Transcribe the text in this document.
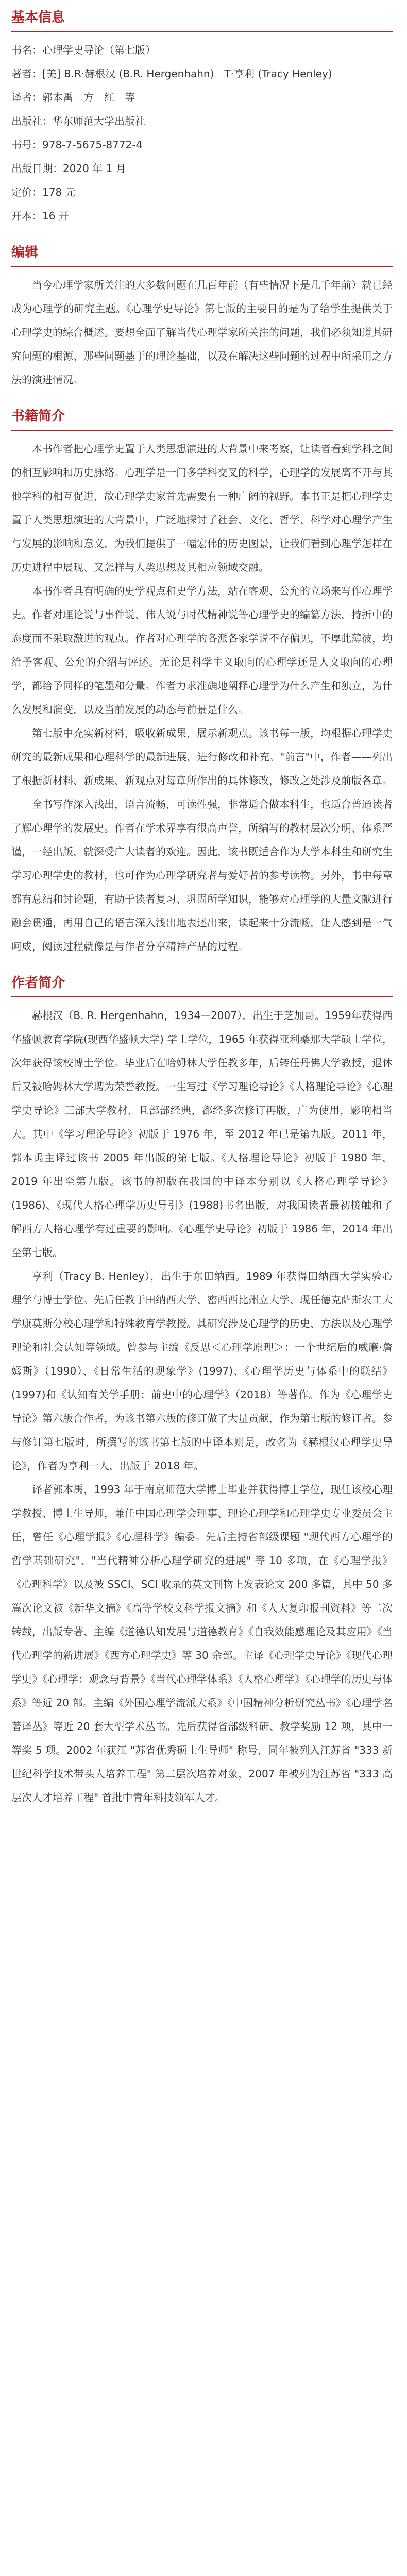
基本信息

书名：心理学史导论（第七版）

著者：[美] B.R·赫根汉 (B.R. Hergenhahn)　T·亨利 (Tracy Henley)

译者：郭本禹　方　红　等

出版社：华东师范大学出版社

书号：978-7-5675-8772-4

出版日期：2020 年 1 月

定价：178 元

开本：16 开

编辑

当今心理学家所关注的大多数问题在几百年前（有些情况下是几千年前）就已经成为心理学的研究主题。《心理学史导论》第七版的主要目的是为了给学生提供关于心理学史的综合概述。要想全面了解当代心理学家所关注的问题，我们必须知道其研究问题的根源、那些问题基于的理论基础，以及在解决这些问题的过程中所采用之方法的演进情况。

书籍简介

本书作者把心理学史置于人类思想演进的大背景中来考察，让读者看到学科之间的相互影响和历史脉络。心理学是一门多学科交叉的科学，心理学的发展离不开与其他学科的相互促进，故心理学史家首先需要有一种广阔的视野。本书正是把心理学史置于人类思想演进的大背景中，广泛地探讨了社会、文化、哲学、科学对心理学产生与发展的影响和意义，为我们提供了一幅宏伟的历史图景，让我们看到心理学怎样在历史进程中展现、又怎样与人类思想及其相应领域交融。

本书作者具有明确的史学观点和史学方法，站在客观、公允的立场来写作心理学史。作者对理论说与事件说、伟人说与时代精神说等心理学史的编纂方法，持折中的态度而不采取激进的观点。作者对心理学的各派各家学说不存偏见，不厚此薄彼，均给予客观、公允的介绍与评述。无论是科学主义取向的心理学还是人文取向的心理学，都给予同样的笔墨和分量。作者力求准确地阐释心理学为什么产生和独立，为什么发展和演变，以及当前发展的动态与前景是什么。

第七版中充实新材料，吸收新成果，展示新观点。该书每一版，均根据心理学史研究的最新成果和心理科学的最新进展，进行修改和补充。"前言"中，作者——列出了根据新材料、新成果、新观点对每章所作出的具体修改，修改之处涉及前版各章。

全书写作深入浅出，语言流畅，可读性强，非常适合做本科生，也适合普通读者了解心理学的发展史。作者在学术界享有很高声誉，所编写的教材层次分明、体系严谨，一经出版，就深受广大读者的欢迎。因此，该书既适合作为大学本科生和研究生学习心理学史的教材，也可作为心理学研究者与爱好者的参考读物。另外，书中每章都有总结和讨论题，有助于读者复习、巩固所学知识，能够对心理学的大量文献进行融会贯通，再用自己的语言深入浅出地表述出来，读起来十分流畅，让人感到是一气呵成，阅读过程就像是与作者分享精神产品的过程。

作者简介

赫根汉（B. R. Hergenhahn，1934—2007），出生于芝加哥。1959年获得西华盛顿教育学院(现西华盛顿大学) 学士学位，1965 年获得亚利桑那大学硕士学位，次年获得该校博士学位。毕业后在哈姆林大学任教多年，后转任丹佛大学教授，退休后又被哈姆林大学聘为荣誉教授。一生写过《学习理论导论》《人格理论导论》《心理学史导论》三部大学教材，且部部经典，都经多次修订再版，广为使用，影响相当大。其中《学习理论导论》初版于 1976 年，至 2012 年已是第九版。2011 年，郭本禹主译过该书 2005 年出版的第七版。《人格理论导论》初版于 1980 年，2019 年出至第九版。该书的初版在我国的中译本分别以《人格心理学导论》(1986)、《现代人格心理学历史导引》(1988)书名出版，对我国读者最初接触和了解西方人格心理学有过重要的影响。《心理学史导论》初版于 1986 年，2014 年出至第七版。

亨利（Tracy B. Henley），出生于东田纳西。1989 年获得田纳西大学实验心理学与博士学位。先后任教于田纳西大学、密西西比州立大学、现任德克萨斯农工大学康莫斯分校心理学和特殊教育学教授。其研究涉及心理学的历史、方法以及心理学理论和社会认知等领域。曾参与主编《反思＜心理学原理＞：一个世纪后的威廉·詹姆斯》（1990）、《日常生活的现象学》(1997)、《心理学历史与体系中的联结》(1997)和《认知有关学手册：前史中的心理学》（2018）等著作。作为《心理学史导论》第六版合作者，为该书第六版的修订做了大量贡献，作为第七版的修订者。参与修订第七版时，所撰写的该书第七版的中译本则是，改名为《赫根汉心理学史导论》，作者为亨利一人，出版于 2018 年。

译者郭本禹，1993 年于南京师范大学博士毕业并获得博士学位，现任该校心理学教授、博士生导师，兼任中国心理学会理事、理论心理学和心理学史专业委员会主任，曾任《心理学报》《心理科学》编委。先后主持省部级课题 "现代西方心理学的哲学基础研究"、"当代精神分析心理学研究的进展" 等 10 多项，在《心理学报》《心理科学》以及被 SSCI、SCI 收录的英文刊物上发表论文 200 多篇，其中 50 多篇次论文被《新华文摘》《高等学校文科学报文摘》和《人大复印报刊资料》等二次转载，出版专著、主编《道德认知发展与道德教育》《自我效能感理论及其应用》《当代心理学的新进展》《西方心理学史》等 30 余部。主译《心理学史导论》《现代心理学史》《心理学：观念与背景》《当代心理学体系》《人格心理学》《心理学的历史与体系》等近 20 部。主编《外国心理学流派大系》《中国精神分析研究丛书》《心理学名著译丛》等近 20 套大型学术丛书。先后获得省部级科研、教学奖励 12 项，其中一等奖 5 项。2002 年获江 "苏省优秀硕士生导师" 称号，同年被列入江苏省 "333 新世纪科学技术带头人培养工程" 第二层次培养对象，2007 年被列为江苏省 "333 高层次人才培养工程" 首批中青年科技领军人才。
